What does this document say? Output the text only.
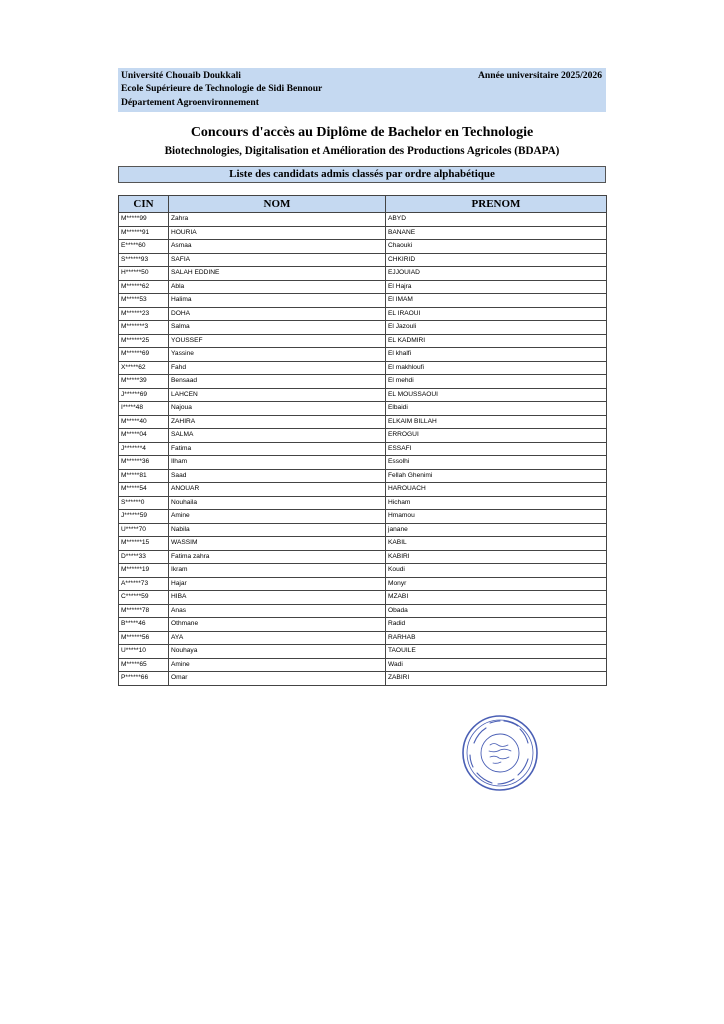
Université Chouaib Doukkali
Ecole Supérieure de Technologie de Sidi Bennour
Département Agroenvironnement
Année universitaire 2025/2026
Concours d'accès au Diplôme de Bachelor en Technologie
Biotechnologies, Digitalisation et Amélioration des Productions Agricoles (BDAPA)
Liste des candidats admis classés par ordre alphabétique
CIN	NOM	PRENOM
M*****99	Zahra	ABYD
M******91	HOURIA	BANANE
E*****60	Asmaa	Chaouki
S******93	SAFIA	CHKIRID
H******50	SALAH EDDINE	EJJOUIAD
M******62	Abla	El Hajra
M*****53	Halima	El IMAM
M******23	DOHA	EL IRAOUI
M*******3	Salma	El Jazouli
M******25	YOUSSEF	EL KADMIRI
M******69	Yassine	El khalfi
X*****62	Fahd	El makhloufi
M*****39	Bensaad	El mehdi
J******69	LAHCEN	EL MOUSSAOUI
I*****48	Najoua	Elbaidi
M*****40	ZAHIRA	ELKAIM BILLAH
M*****04	SALMA	ERROGUI
J*******4	Fatima	ESSAFI
M******36	Ilham	Essolhi
M*****81	Saad	Fellah Ghenimi
M*****54	ANOUAR	HAROUACH
S******0	Nouhaila	Hicham
J******59	Amine	Hmamou
U*****70	Nabila	janane
M******15	WASSIM	KABIL
D*****33	Fatima zahra	KABIRI
M******19	Ikram	Koudi
A******73	Hajar	Monyr
C******59	HIBA	MZABI
M******78	Anas	Obada
B*****46	Othmane	Radid
M******56	AYA	RARHAB
U*****10	Nouhaya	TAOUILE
M*****65	Amine	Wadi
P******66	Omar	ZABIRI
